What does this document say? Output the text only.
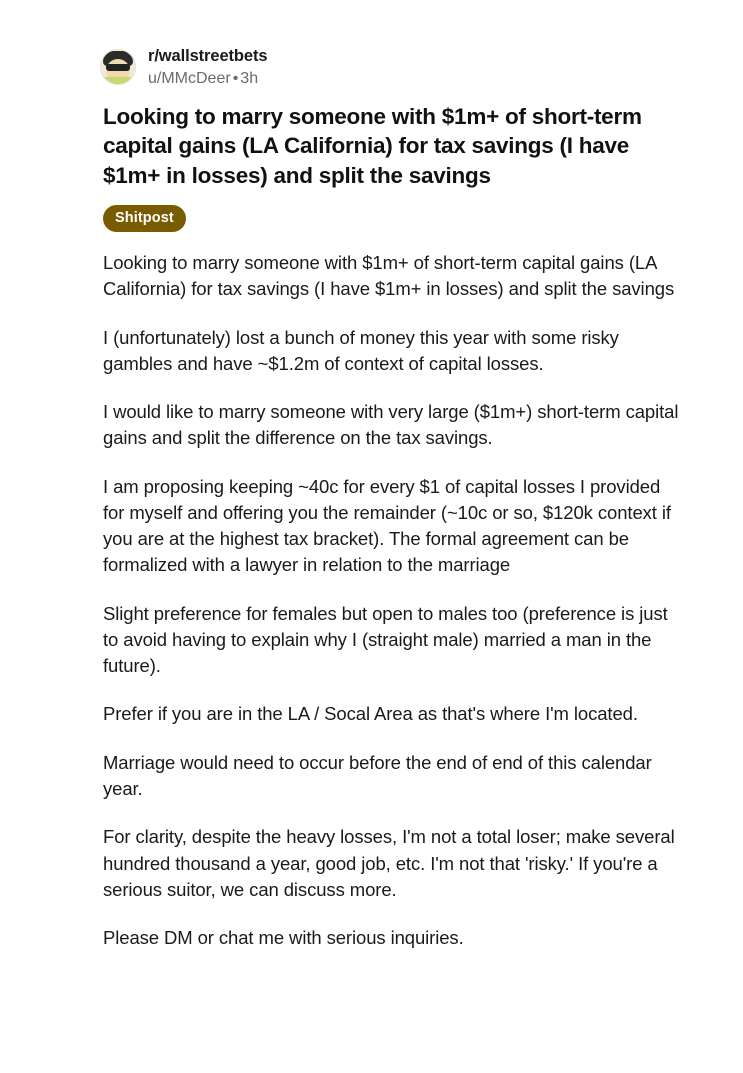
r/wallstreetbets
u/MMcDeer • 3h
Looking to marry someone with $1m+ of short-term capital gains (LA California) for tax savings (I have $1m+ in losses) and split the savings
Shitpost

Looking to marry someone with $1m+ of short-term capital gains (LA California) for tax savings (I have $1m+ in losses) and split the savings

I (unfortunately) lost a bunch of money this year with some risky gambles and have ~$1.2m of context of capital losses.

I would like to marry someone with very large ($1m+) short-term capital gains and split the difference on the tax savings.

I am proposing keeping ~40c for every $1 of capital losses I provided for myself and offering you the remainder (~10c or so, $120k context if you are at the highest tax bracket). The formal agreement can be formalized with a lawyer in relation to the marriage

Slight preference for females but open to males too (preference is just to avoid having to explain why I (straight male) married a man in the future).

Prefer if you are in the LA / Socal Area as that's where I'm located.

Marriage would need to occur before the end of end of this calendar year.

For clarity, despite the heavy losses, I'm not a total loser; make several hundred thousand a year, good job, etc. I'm not that 'risky.' If you're a serious suitor, we can discuss more.

Please DM or chat me with serious inquiries.
